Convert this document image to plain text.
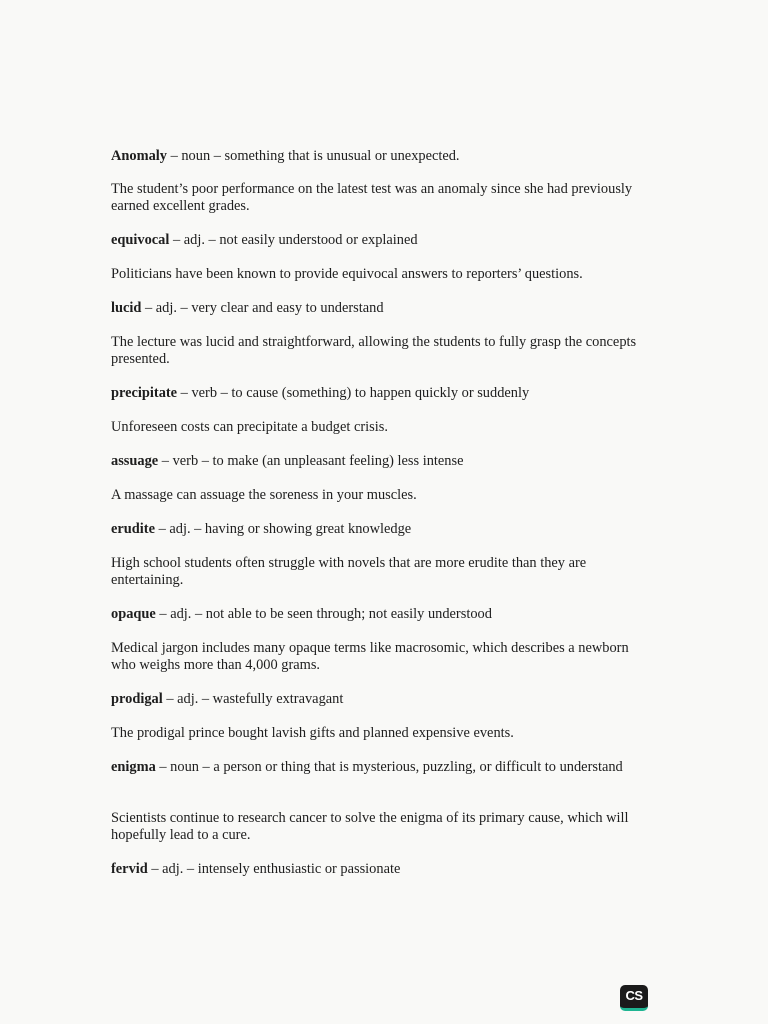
Anomaly – noun – something that is unusual or unexpected.

The student’s poor performance on the latest test was an anomaly since she had previously earned excellent grades.

equivocal – adj. – not easily understood or explained

Politicians have been known to provide equivocal answers to reporters’ questions.

lucid – adj. – very clear and easy to understand

The lecture was lucid and straightforward, allowing the students to fully grasp the concepts presented.

precipitate – verb – to cause (something) to happen quickly or suddenly

Unforeseen costs can precipitate a budget crisis.

assuage – verb – to make (an unpleasant feeling) less intense

A massage can assuage the soreness in your muscles.

erudite – adj. – having or showing great knowledge

High school students often struggle with novels that are more erudite than they are entertaining.

opaque – adj. – not able to be seen through; not easily understood

Medical jargon includes many opaque terms like macrosomic, which describes a newborn who weighs more than 4,000 grams.

prodigal – adj. – wastefully extravagant

The prodigal prince bought lavish gifts and planned expensive events.

enigma – noun – a person or thing that is mysterious, puzzling, or difficult to understand

Scientists continue to research cancer to solve the enigma of its primary cause, which will hopefully lead to a cure.

fervid – adj. – intensely enthusiastic or passionate
CS
